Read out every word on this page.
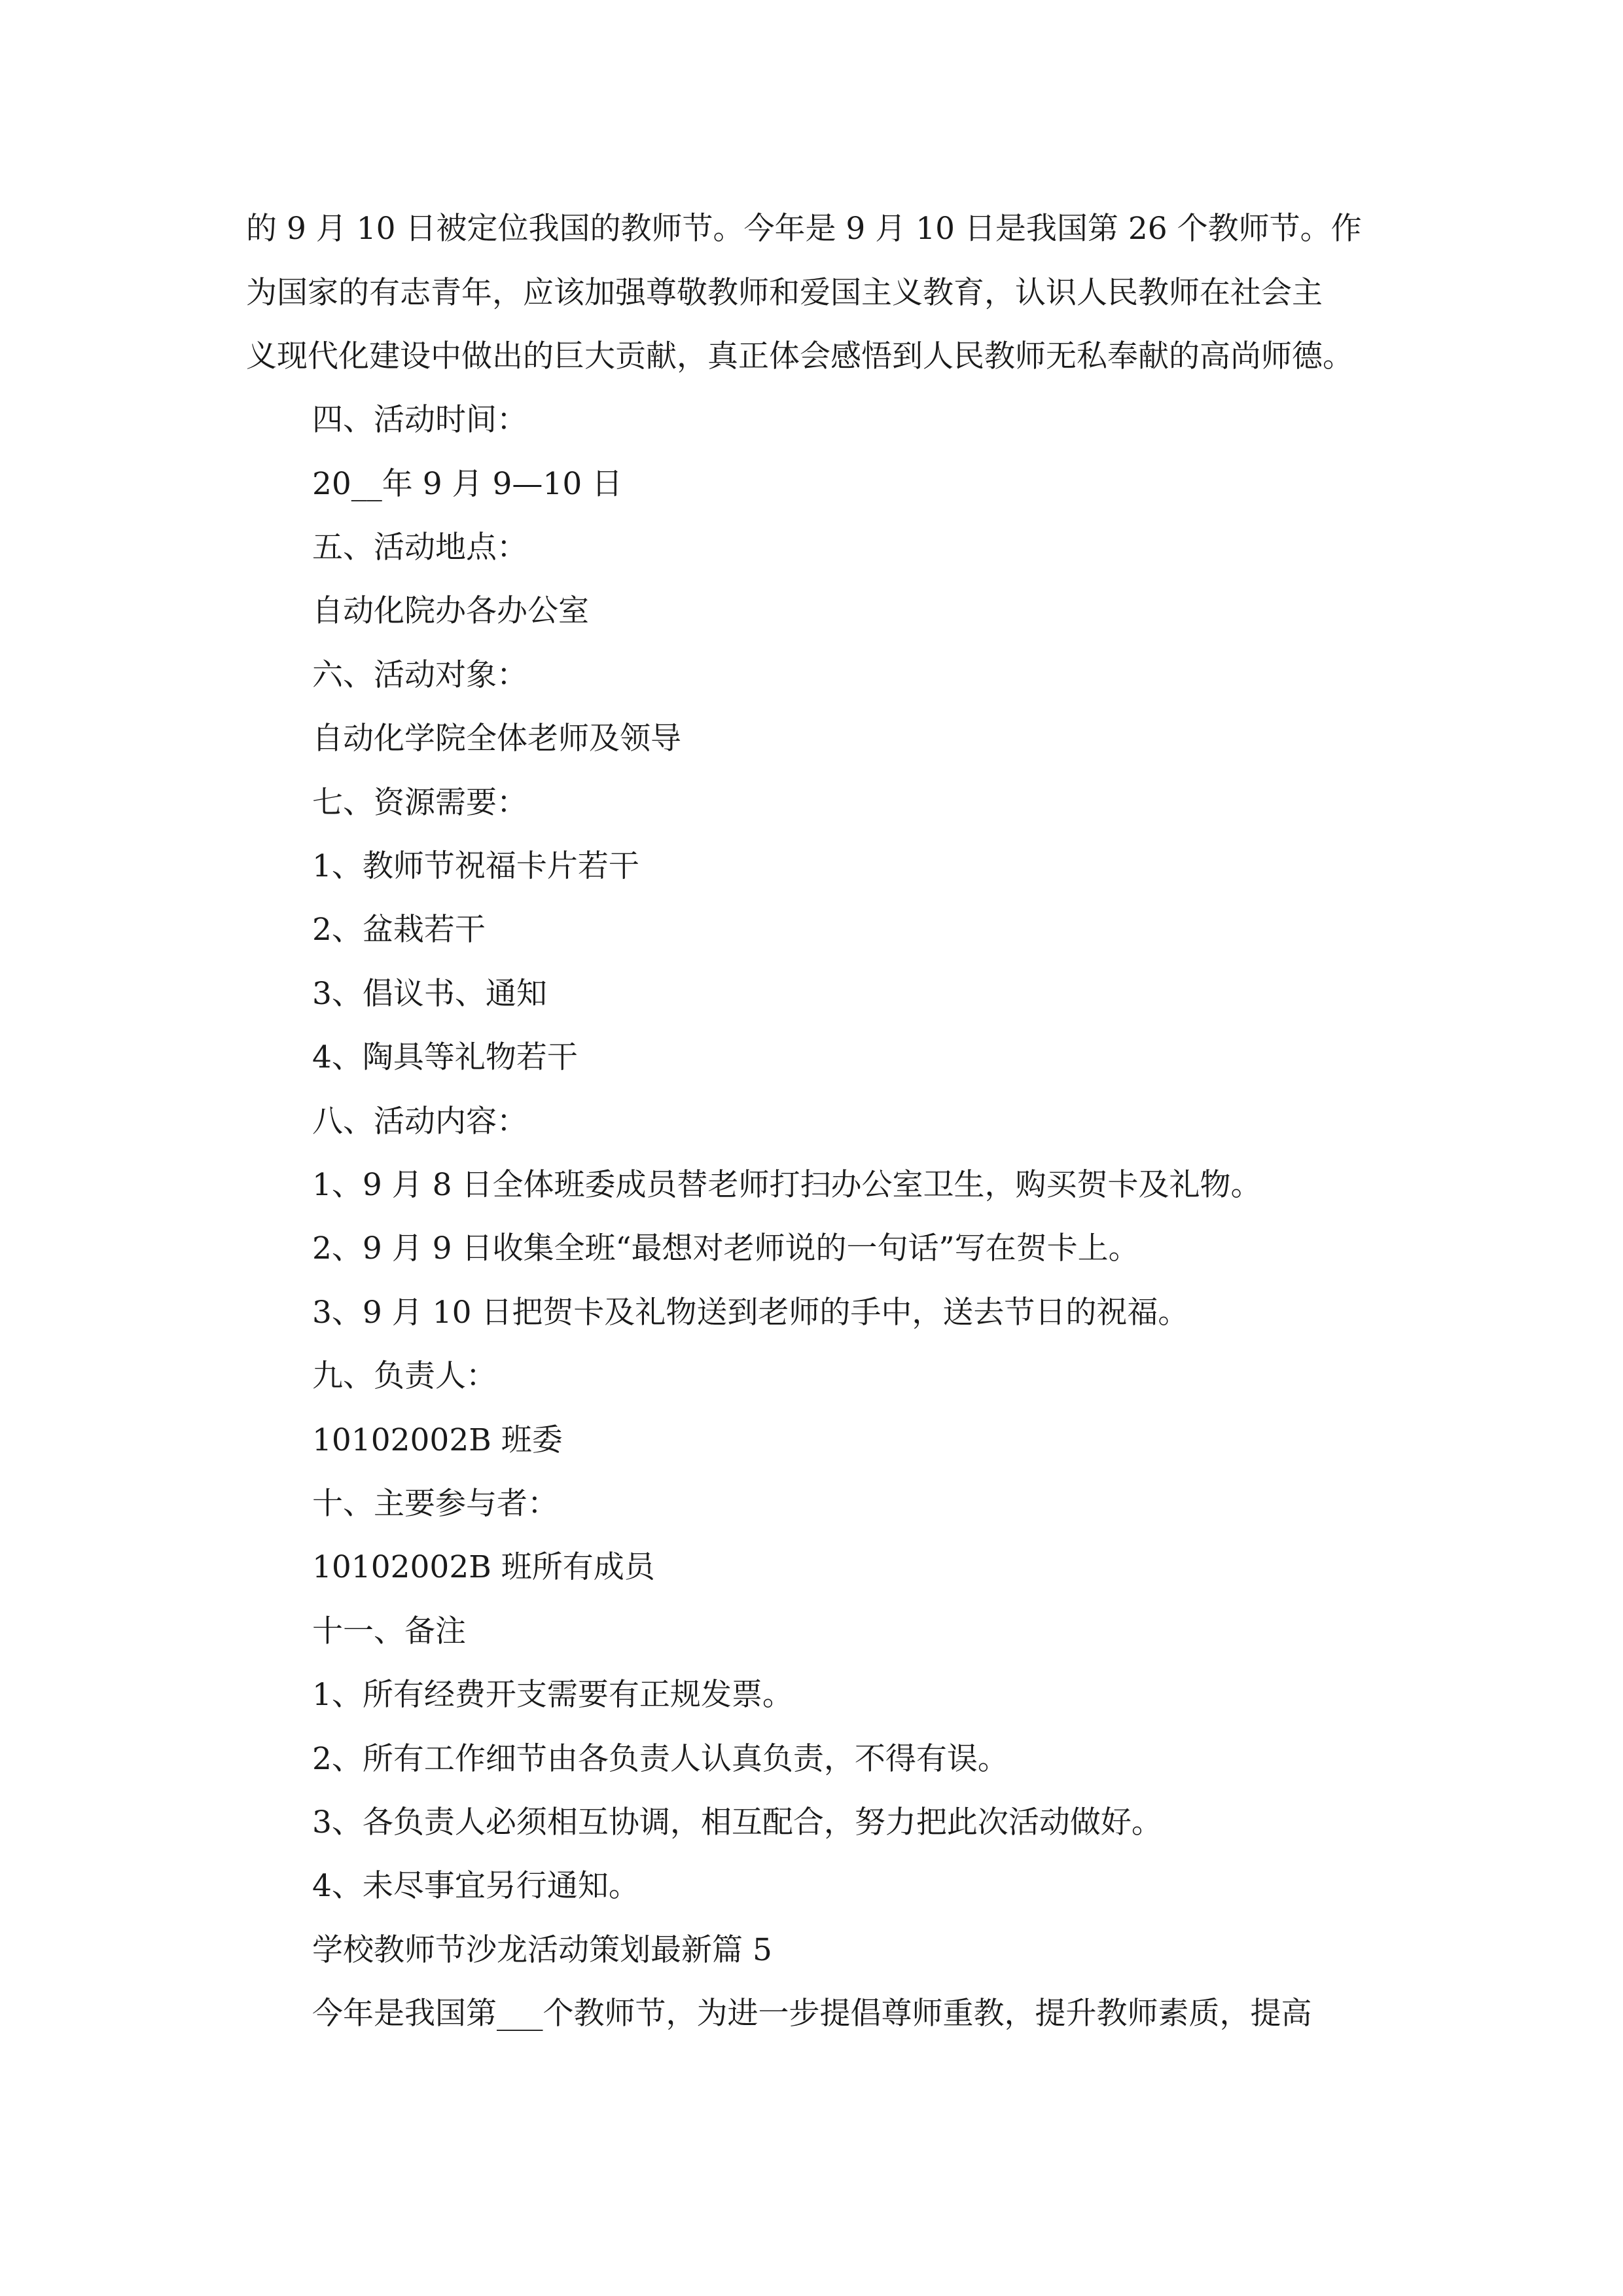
的 9 月 10 日被定位我国的教师节。今年是 9 月 10 日是我国第 26 个教师节。作
为国家的有志青年，应该加强尊敬教师和爱国主义教育，认识人民教师在社会主
义现代化建设中做出的巨大贡献，真正体会感悟到人民教师无私奉献的高尚师德。
四、活动时间：
20__年 9 月 9—10 日
五、活动地点：
自动化院办各办公室
六、活动对象：
自动化学院全体老师及领导
七、资源需要：
1、教师节祝福卡片若干
2、盆栽若干
3、倡议书、通知
4、陶具等礼物若干
八、活动内容：
1、9 月 8 日全体班委成员替老师打扫办公室卫生，购买贺卡及礼物。
2、9 月 9 日收集全班“最想对老师说的一句话”写在贺卡上。
3、9 月 10 日把贺卡及礼物送到老师的手中，送去节日的祝福。
九、负责人：
10102002B 班委
十、主要参与者：
10102002B 班所有成员
十一、备注
1、所有经费开支需要有正规发票。
2、所有工作细节由各负责人认真负责，不得有误。
3、各负责人必须相互协调，相互配合，努力把此次活动做好。
4、未尽事宜另行通知。
学校教师节沙龙活动策划最新篇 5
今年是我国第___个教师节，为进一步提倡尊师重教，提升教师素质，提高
